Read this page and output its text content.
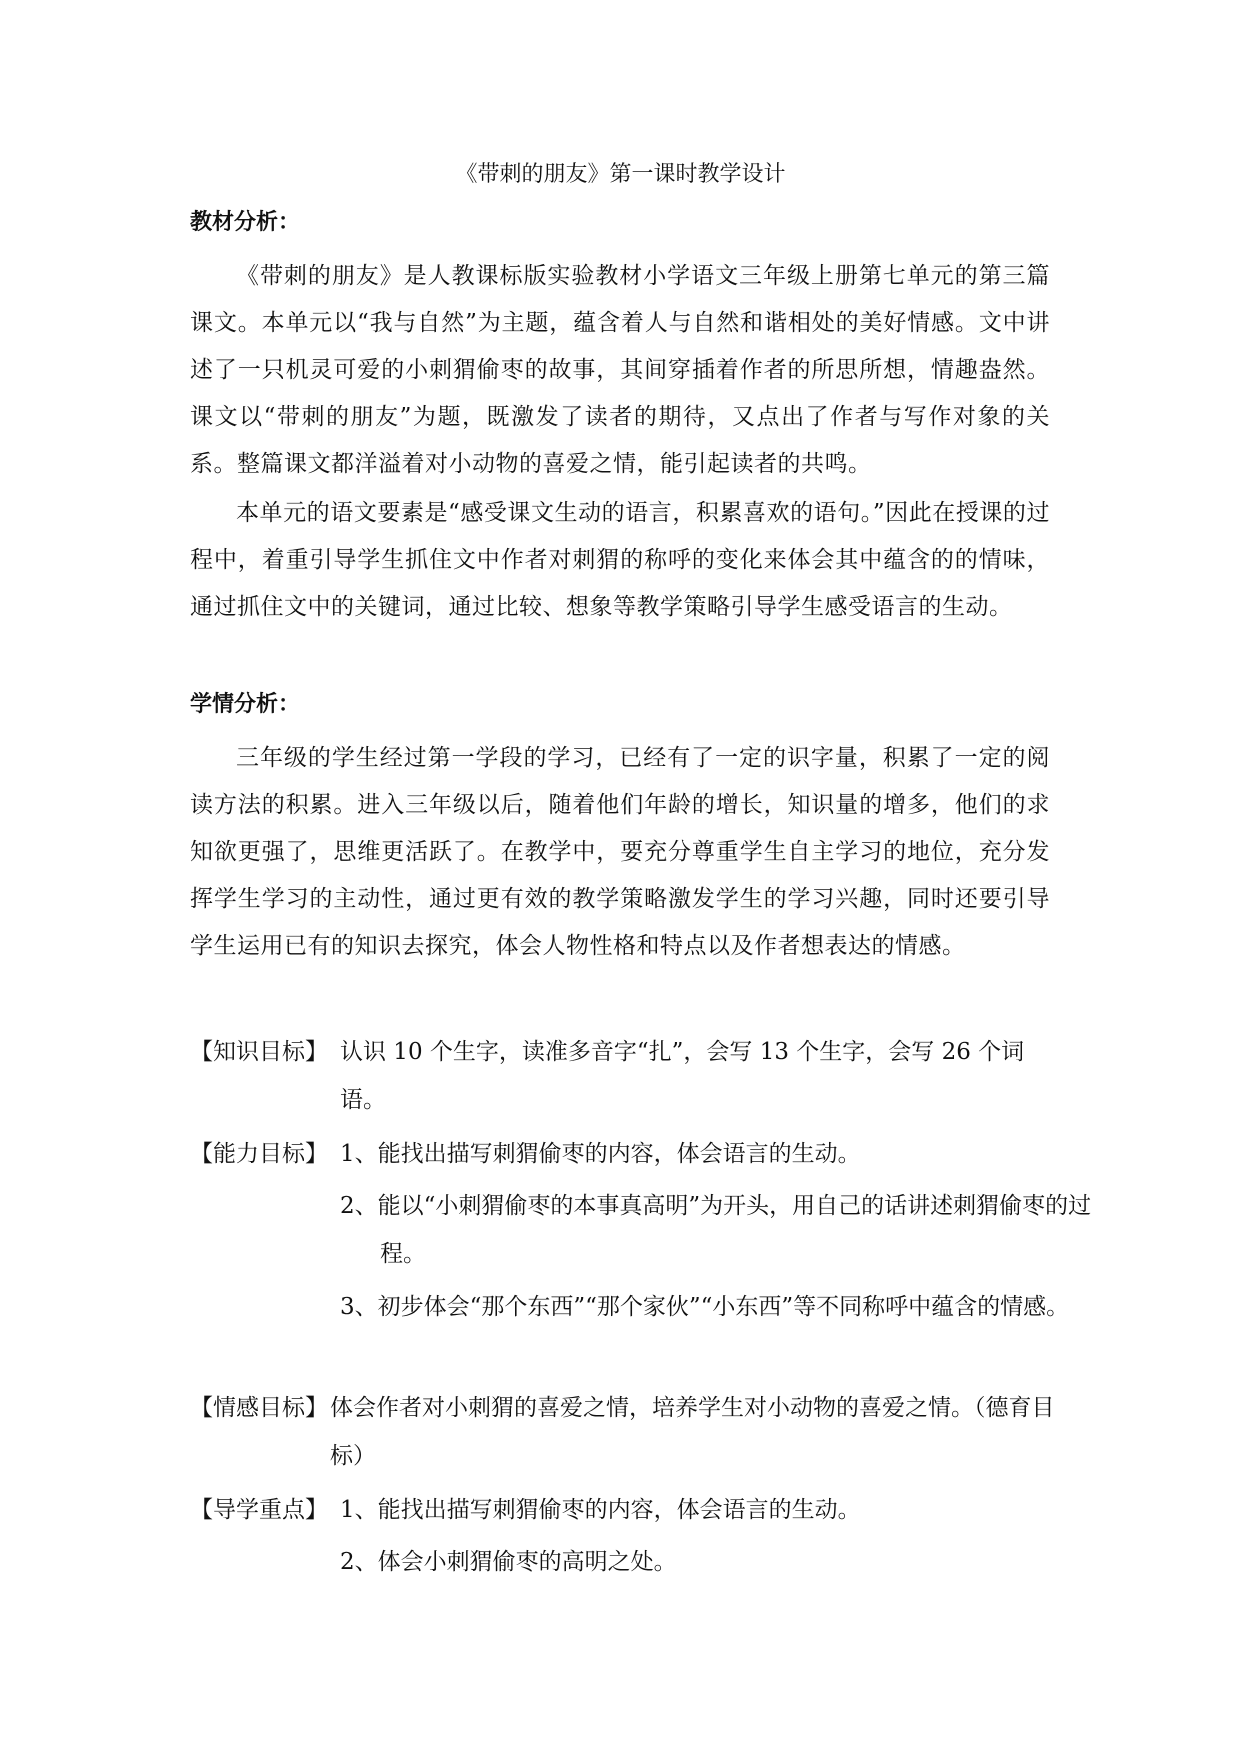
《带刺的朋友》第一课时教学设计
教材分析：

《带刺的朋友》是人教课标版实验教材小学语文三年级上册第七单元的第三篇课文。本单元以“我与自然”为主题，蕴含着人与自然和谐相处的美好情感。文中讲述了一只机灵可爱的小刺猬偷枣的故事，其间穿插着作者的所思所想，情趣盎然。课文以“带刺的朋友”为题，既激发了读者的期待，又点出了作者与写作对象的关系。整篇课文都洋溢着对小动物的喜爱之情，能引起读者的共鸣。

本单元的语文要素是“感受课文生动的语言，积累喜欢的语句。”因此在授课的过程中，着重引导学生抓住文中作者对刺猬的称呼的变化来体会其中蕴含的的情味，通过抓住文中的关键词，通过比较、想象等教学策略引导学生感受语言的生动。

学情分析：

三年级的学生经过第一学段的学习，已经有了一定的识字量，积累了一定的阅读方法的积累。进入三年级以后，随着他们年龄的增长，知识量的增多，他们的求知欲更强了，思维更活跃了。在教学中，要充分尊重学生自主学习的地位，充分发挥学生学习的主动性，通过更有效的教学策略激发学生的学习兴趣，同时还要引导学生运用已有的知识去探究，体会人物性格和特点以及作者想表达的情感。

【知识目标】 认识 10 个生字，读准多音字“扎”，会写 13 个生字，会写 26 个词语。
【能力目标】 1、能找出描写刺猬偷枣的内容，体会语言的生动。

2、能以“小刺猬偷枣的本事真高明”为开头，用自己的话讲述刺猬偷枣的过程。

3、初步体会“那个东西”“那个家伙”“小东西”等不同称呼中蕴含的情感。

【情感目标】 体会作者对小刺猬的喜爱之情，培养学生对小动物的喜爱之情。（德育目标）
【导学重点】 1、能找出描写刺猬偷枣的内容，体会语言的生动。

2、体会小刺猬偷枣的高明之处。
